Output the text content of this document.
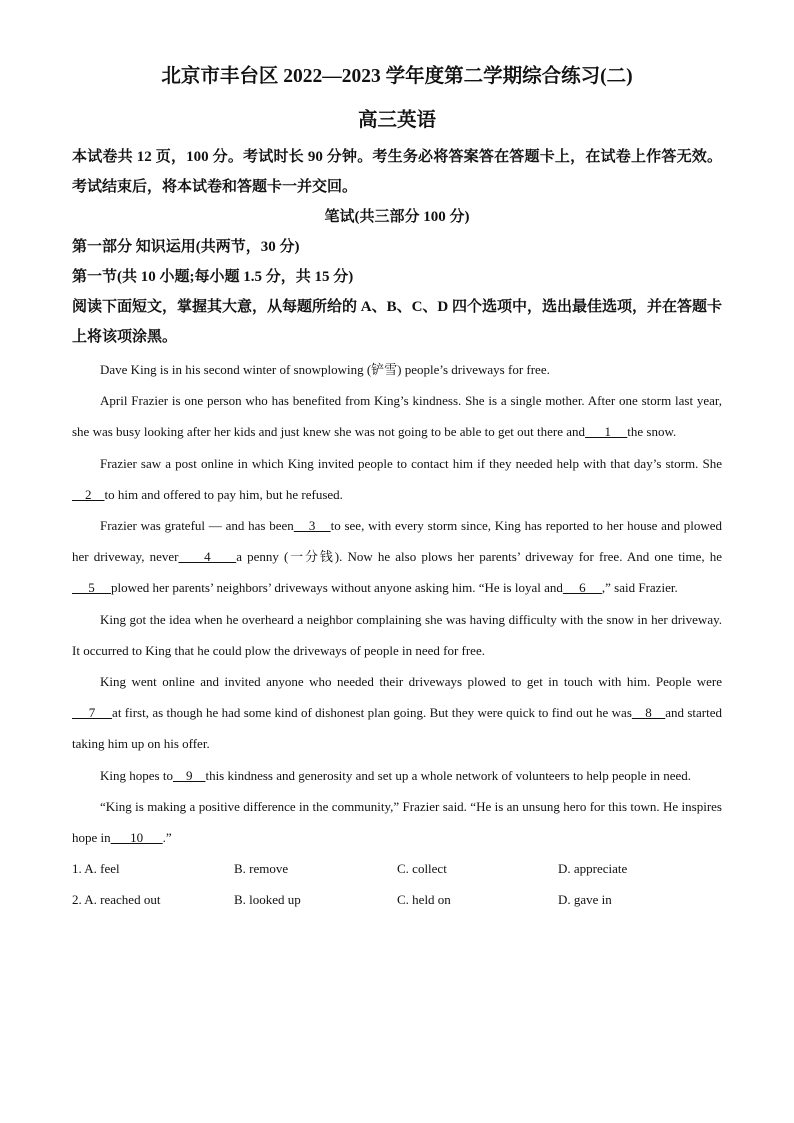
北京市丰台区 2022—2023 学年度第二学期综合练习(二)

高三英语

本试卷共 12 页，100 分。考试时长 90 分钟。考生务必将答案答在答题卡上，在试卷上作答无效。考试结束后，将本试卷和答题卡一并交回。

笔试(共三部分 100 分)

第一部分 知识运用(共两节，30 分)

第一节(共 10 小题;每小题 1.5 分，共 15 分)

阅读下面短文，掌握其大意，从每题所给的 A、B、C、D 四个选项中，选出最佳选项，并在答题卡上将该项涂黑。

Dave King is in his second winter of snowplowing (铲雪) people’s driveways for free.

April Frazier is one person who has benefited from King’s kindness. She is a single mother. After one storm last year, she was busy looking after her kids and just knew she was not going to be able to get out there and      1     the snow.

Frazier saw a post online in which King invited people to contact him if they needed help with that day’s storm. She    2    to him and offered to pay him, but he refused.

Frazier was grateful — and has been    3    to see, with every storm since, King has reported to her house and plowed her driveway, never     4     a penny (一分钱). Now he also plows her parents’ driveway for free. And one time, he     5     plowed her parents’ neighbors’ driveways without anyone asking him. “He is loyal and     6     ,” said Frazier.

King got the idea when he overheard a neighbor complaining she was having difficulty with the snow in her driveway. It occurred to King that he could plow the driveways of people in need for free.

King went online and invited anyone who needed their driveways plowed to get in touch with him. People were     7     at first, as though he had some kind of dishonest plan going. But they were quick to find out he was    8    and started taking him up on his offer.

King hopes to    9    this kindness and generosity and set up a whole network of volunteers to help people in need.

“King is making a positive difference in the community,” Frazier said. “He is an unsung hero for this town. He inspires hope in      10      .”

1. A. feel	B. remove	C. collect	D. appreciate
2. A. reached out	B. looked up	C. held on	D. gave in
